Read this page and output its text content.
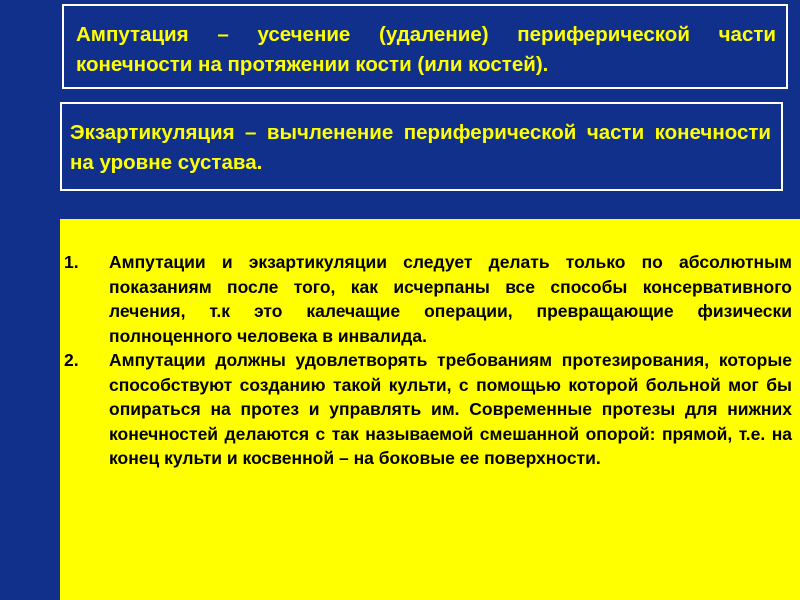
Ампутация – усечение (удаление) периферической части конечности на протяжении кости (или костей).
Экзартикуляция – вычленение периферической части конечности на уровне сустава.
1. Ампутации и экзартикуляции следует делать только по абсолютным показаниям после того, как исчерпаны все способы консервативного лечения, т.к это калечащие операции, превращающие физически полноценного человека в инвалида.
2. Ампутации должны удовлетворять требованиям протезирования, которые способствуют созданию такой культи, с помощью которой больной мог бы опираться на протез и управлять им. Современные протезы для нижних конечностей делаются с так называемой смешанной опорой: прямой, т.е. на конец культи и косвенной – на боковые ее поверхности.
